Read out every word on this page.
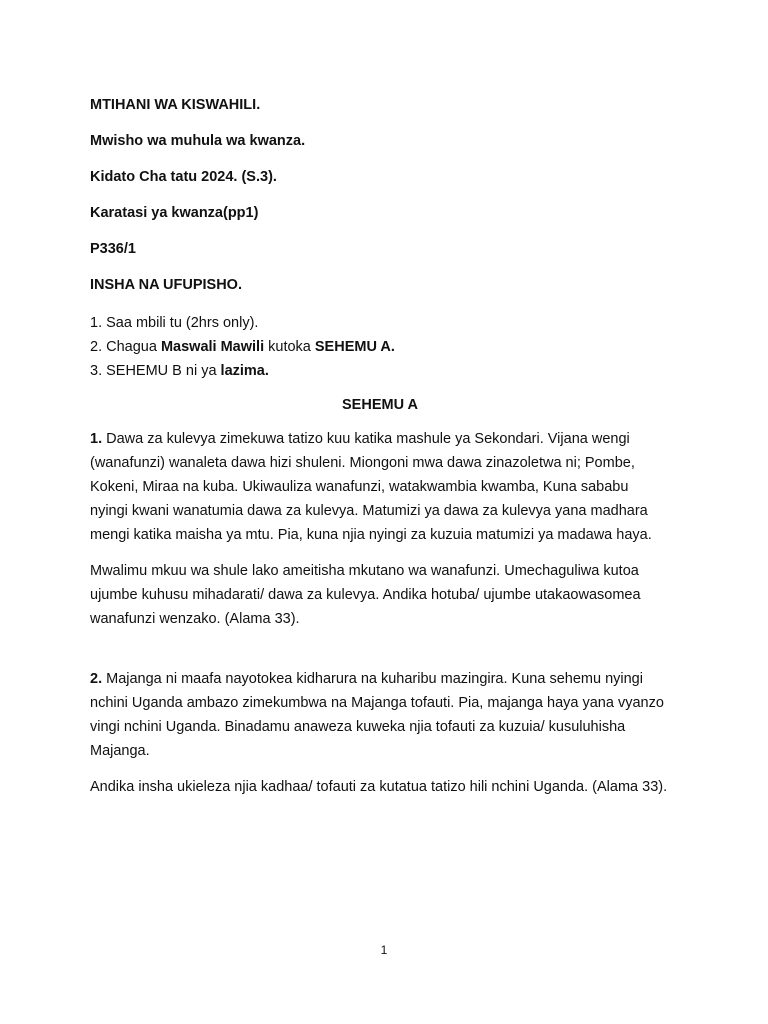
MTIHANI WA KISWAHILI.
Mwisho wa muhula wa kwanza.
Kidato Cha tatu 2024. (S.3).
Karatasi ya kwanza(pp1)
P336/1
INSHA NA UFUPISHO.
1. Saa mbili tu (2hrs only).
2. Chagua Maswali Mawili kutoka SEHEMU A.
3. SEHEMU B ni ya lazima.
SEHEMU A

1. Dawa za kulevya zimekuwa tatizo kuu katika mashule ya Sekondari. Vijana wengi (wanafunzi) wanaleta dawa hizi shuleni. Miongoni mwa dawa zinazoletwa ni; Pombe, Kokeni, Miraa na kuba. Ukiwauliza wanafunzi, watakwambia kwamba, Kuna sababu nyingi kwani wanatumia dawa za kulevya. Matumizi ya dawa za kulevya yana madhara mengi katika maisha ya mtu. Pia, kuna njia nyingi za kuzuia matumizi ya madawa haya.

Mwalimu mkuu wa shule lako ameitisha mkutano wa wanafunzi. Umechaguliwa kutoa ujumbe kuhusu mihadarati/ dawa za kulevya. Andika hotuba/ ujumbe utakaowasomea wanafunzi wenzako. (Alama 33).

2. Majanga ni maafa nayotokea kidharura na kuharibu mazingira. Kuna sehemu nyingi nchini Uganda ambazo zimekumbwa na Majanga tofauti. Pia, majanga haya yana vyanzo vingi nchini Uganda. Binadamu anaweza kuweka njia tofauti za kuzuia/ kusuluhisha Majanga.

Andika insha ukieleza njia kadhaa/ tofauti za kutatua tatizo hili nchini Uganda. (Alama 33).

1
